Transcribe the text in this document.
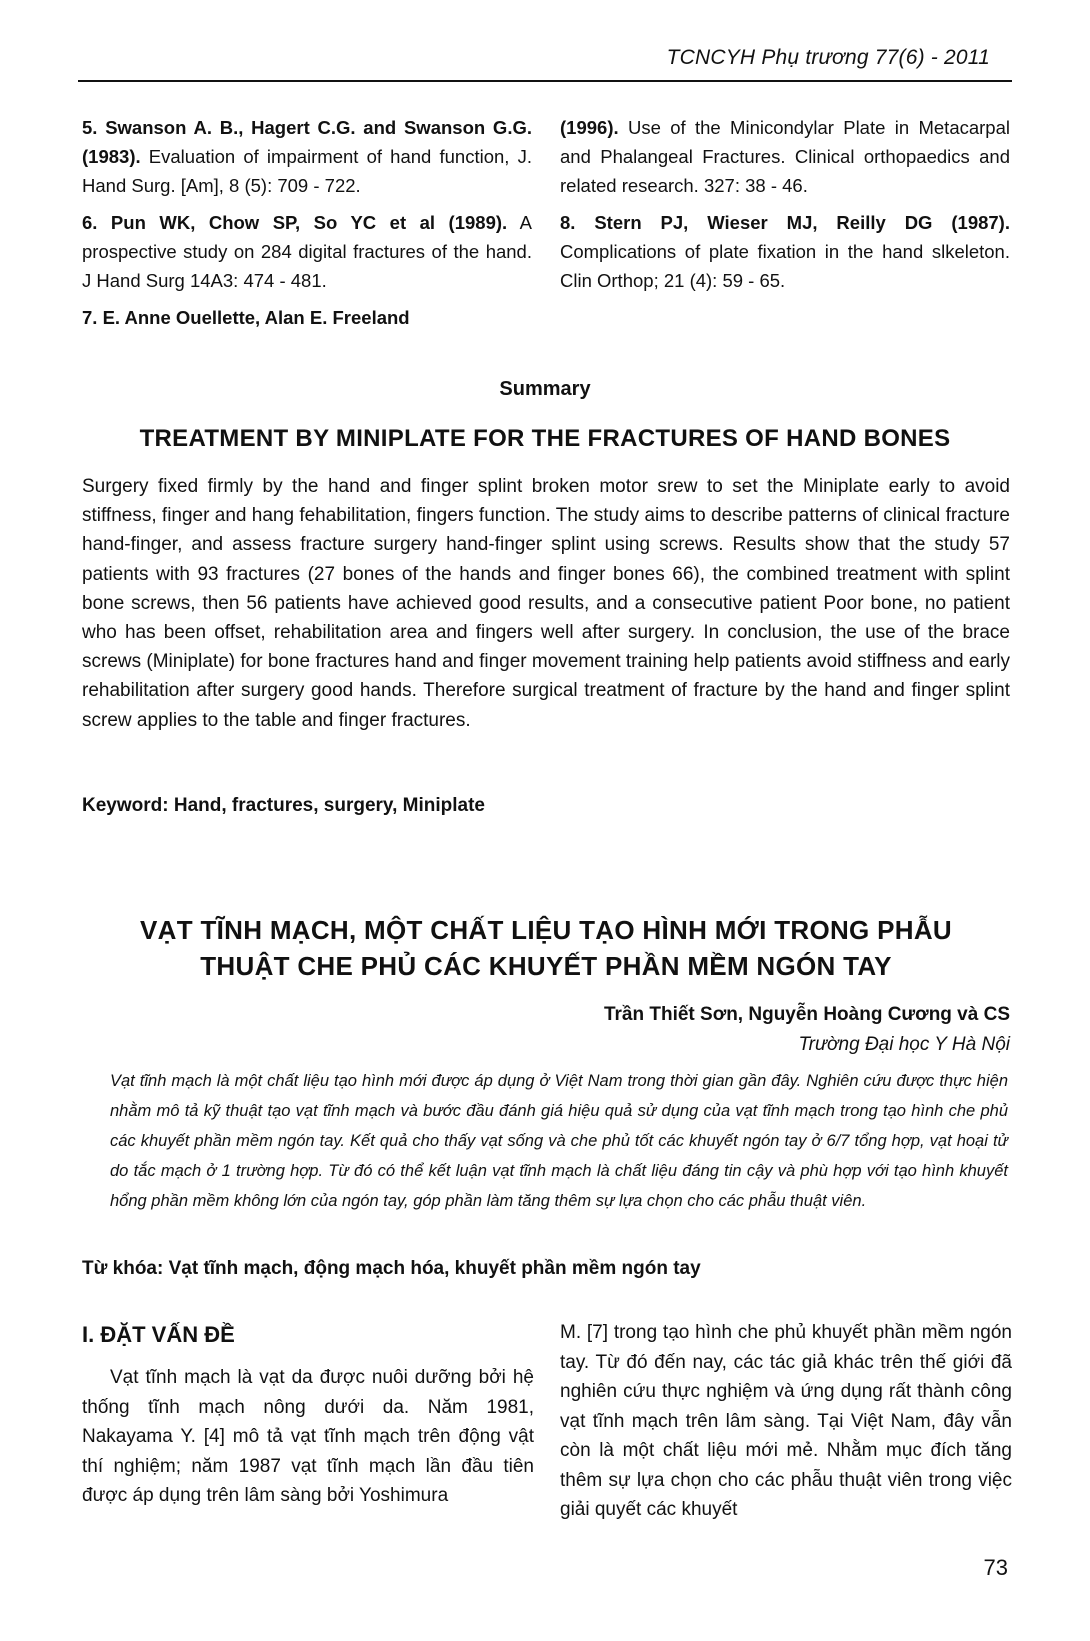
TCNCYH Phụ trương 77(6) - 2011

5. Swanson A. B., Hagert C.G. and Swanson G.G. (1983). Evaluation of impairment of hand function, J. Hand Surg. [Am], 8 (5): 709 - 722.

6. Pun WK, Chow SP, So YC et al (1989). A prospective study on 284 digital fractures of the hand. J Hand Surg 14A3: 474 - 481.

7. E. Anne Ouellette, Alan E. Freeland

(1996). Use of the Minicondylar Plate in Metacarpal and Phalangeal Fractures. Clinical orthopaedics and related research. 327: 38 - 46.

8. Stern PJ, Wieser MJ, Reilly DG (1987). Complications of plate fixation in the hand slkeleton. Clin Orthop; 21 (4): 59 - 65.

Summary
TREATMENT BY MINIPLATE FOR THE FRACTURES OF HAND BONES

Surgery fixed firmly by the hand and finger splint broken motor srew to set the Miniplate early to avoid stiffness, finger and hang fehabilitation, fingers function. The study aims to describe patterns of clinical fracture hand-finger, and assess fracture surgery hand-finger splint using screws. Results show that the study 57 patients with 93 fractures (27 bones of the hands and finger bones 66), the combined treatment with splint bone screws, then 56 patients have achieved good results, and a consecutive patient Poor bone, no patient who has been offset, rehabilitation area and fingers well after surgery. In conclusion, the use of the brace screws (Miniplate) for bone fractures hand and finger movement training help patients avoid stiffness and early rehabilitation after surgery good hands. Therefore surgical treatment of fracture by the hand and finger splint screw applies to the table and finger fractures.

Keyword: Hand, fractures, surgery, Miniplate
VẠT TĨNH MẠCH, MỘT CHẤT LIỆU TẠO HÌNH MỚI TRONG PHẪU
THUẬT CHE PHỦ CÁC KHUYẾT PHẦN MỀM NGÓN TAY
Trần Thiết Sơn, Nguyễn Hoàng Cương và CS
Trường Đại học Y Hà Nội

Vạt tĩnh mạch là một chất liệu tạo hình mới được áp dụng ở Việt Nam trong thời gian gần đây. Nghiên cứu được thực hiện nhằm mô tả kỹ thuật tạo vạt tĩnh mạch và bước đầu đánh giá hiệu quả sử dụng của vạt tĩnh mạch trong tạo hình che phủ các khuyết phần mềm ngón tay. Kết quả cho thấy vạt sống và che phủ tốt các khuyết ngón tay ở 6/7 tổng hợp, vạt hoại tử do tắc mạch ở 1 trường hợp. Từ đó có thể kết luận vạt tĩnh mạch là chất liệu đáng tin cậy và phù hợp với tạo hình khuyết hổng phần mềm không lớn của ngón tay, góp phần làm tăng thêm sự lựa chọn cho các phẫu thuật viên.

Từ khóa: Vạt tĩnh mạch, động mạch hóa, khuyết phần mềm ngón tay
I. ĐẶT VẤN ĐỀ

Vạt tĩnh mạch là vạt da được nuôi dưỡng bởi hệ thống tĩnh mạch nông dưới da. Năm 1981, Nakayama Y. [4] mô tả vạt tĩnh mạch trên động vật thí nghiệm; năm 1987 vạt tĩnh mạch lần đầu tiên được áp dụng trên lâm sàng bởi Yoshimura

M. [7] trong tạo hình che phủ khuyết phần mềm ngón tay. Từ đó đến nay, các tác giả khác trên thế giới đã nghiên cứu thực nghiệm và ứng dụng rất thành công vạt tĩnh mạch trên lâm sàng. Tại Việt Nam, đây vẫn còn là một chất liệu mới mẻ. Nhằm mục đích tăng thêm sự lựa chọn cho các phẫu thuật viên trong việc giải quyết các khuyết

73
